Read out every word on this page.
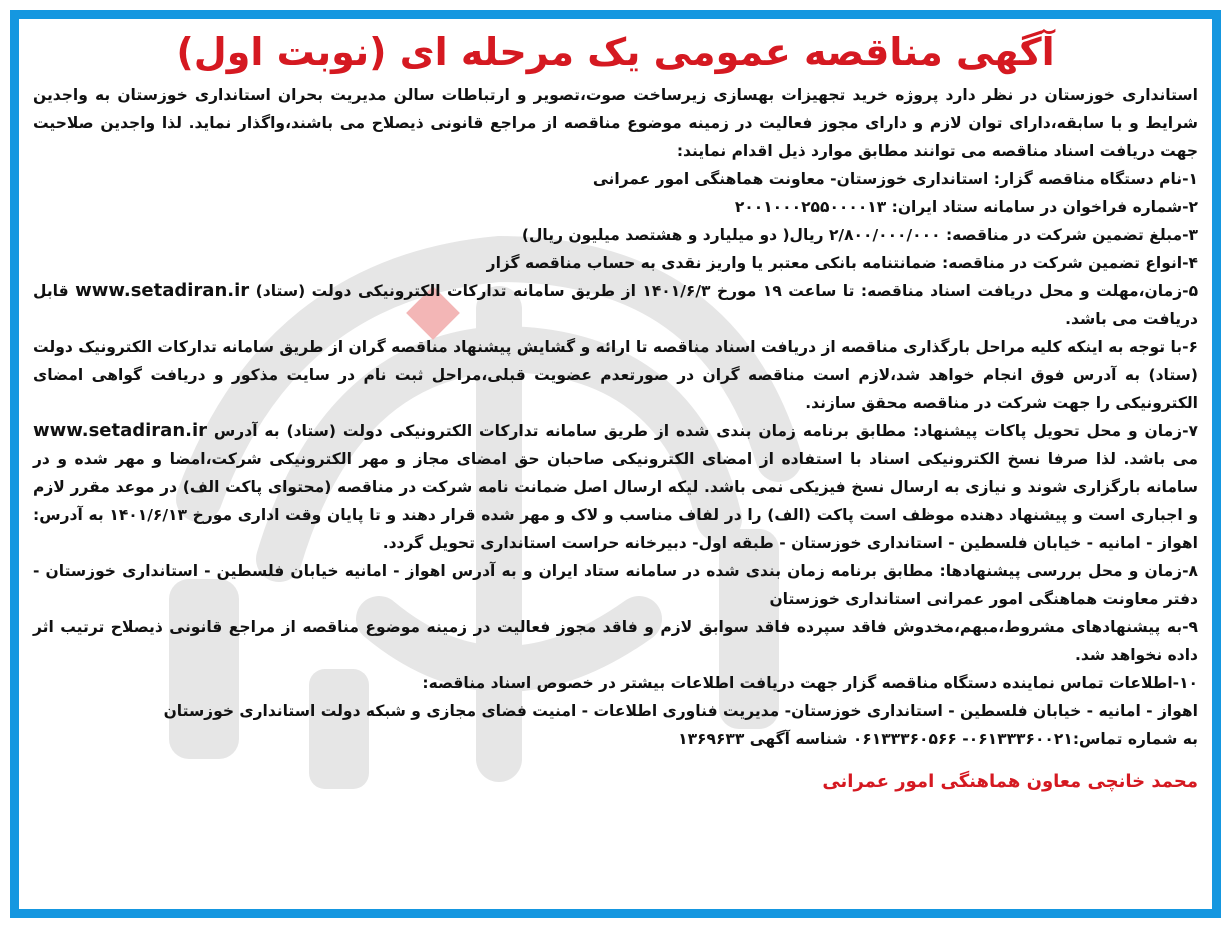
آگهی مناقصه عمومی یک مرحله ای (نوبت اول)

استانداری خوزستان در نظر دارد پروژه خرید تجهیزات بهسازی زیرساخت صوت،تصویر و ارتباطات سالن مدیریت بحران استانداری خوزستان به واجدین شرایط و با سابقه،دارای توان لازم و دارای مجوز فعالیت در زمینه موضوع مناقصه از مراجع قانونی ذیصلاح می باشند،واگذار نماید. لذا واجدین صلاحیت جهت دریافت اسناد مناقصه می توانند مطابق موارد ذیل اقدام نمایند:

۱-نام دستگاه مناقصه گزار: استانداری خوزستان- معاونت هماهنگی امور عمرانی

۲-شماره فراخوان در سامانه ستاد ایران: ۲۰۰۱۰۰۰۲۵۵۰۰۰۰۱۳

۳-مبلغ تضمین شرکت در مناقصه: ۲/۸۰۰/۰۰۰/۰۰۰ ریال( دو میلیارد و هشتصد میلیون ریال)

۴-انواع تضمین شرکت در مناقصه: ضمانتنامه بانکی معتبر یا واریز نقدی به حساب مناقصه گزار

۵-زمان،مهلت و محل دریافت اسناد مناقصه: تا ساعت ۱۹ مورخ ۱۴۰۱/۶/۳ از طریق سامانه تدارکات الکترونیکی دولت (ستاد) www.setadiran.ir قابل دریافت می باشد.

۶-با توجه به اینکه کلیه مراحل بارگذاری مناقصه از دریافت اسناد مناقصه تا ارائه و گشایش پیشنهاد مناقصه گران از طریق سامانه تدارکات الکترونیک دولت (ستاد) به آدرس فوق انجام خواهد شد،لازم است مناقصه گران در صورتعدم عضویت قبلی،مراحل ثبت نام در سایت مذکور و دریافت گواهی امضای الکترونیکی را جهت شرکت در مناقصه محقق سازند.

۷-زمان و محل تحویل پاکات پیشنهاد: مطابق برنامه زمان بندی شده از طریق سامانه تدارکات الکترونیکی دولت (ستاد) به آدرس www.setadiran.ir می باشد. لذا صرفا نسخ الکترونیکی اسناد با استفاده از امضای الکترونیکی صاحبان حق امضای مجاز و مهر الکترونیکی شرکت،امضا و مهر شده و در سامانه بارگزاری شوند و نیازی به ارسال نسخ فیزیکی نمی باشد. لیکه ارسال اصل ضمانت نامه شرکت در مناقصه (محتوای پاکت الف) در موعد مقرر لازم و اجباری است و پیشنهاد دهنده موظف است پاکت (الف) را در لفاف مناسب و لاک و مهر شده قرار دهند و تا پایان وقت اداری مورخ ۱۴۰۱/۶/۱۳ به آدرس: اهواز - امانیه - خیابان فلسطین - استانداری خوزستان - طبقه اول- دبیرخانه حراست استانداری تحویل گردد.

۸-زمان و محل بررسی پیشنهادها: مطابق برنامه زمان بندی شده در سامانه ستاد ایران و به آدرس اهواز - امانیه خیابان فلسطین - استانداری خوزستان - دفتر معاونت هماهنگی امور عمرانی استانداری خوزستان

۹-به پیشنهادهای مشروط،مبهم،مخدوش فاقد سپرده فاقد سوابق لازم و فاقد مجوز فعالیت در زمینه موضوع مناقصه از مراجع قانونی ذیصلاح ترتیب اثر داده نخواهد شد.

۱۰-اطلاعات تماس نماینده دستگاه مناقصه گزار جهت دریافت اطلاعات بیشتر در خصوص اسناد مناقصه:

اهواز - امانیه - خیابان فلسطین - استانداری خوزستان- مدیریت فناوری اطلاعات - امنیت فضای مجازی و شبکه دولت استانداری خوزستان

به شماره تماس:۰۶۱۳۳۳۶۰۰۲۱- ۰۶۱۳۳۳۶۰۵۶۶ شناسه آگهی ۱۳۶۹۶۳۳

محمد خانچی معاون هماهنگی امور عمرانی
